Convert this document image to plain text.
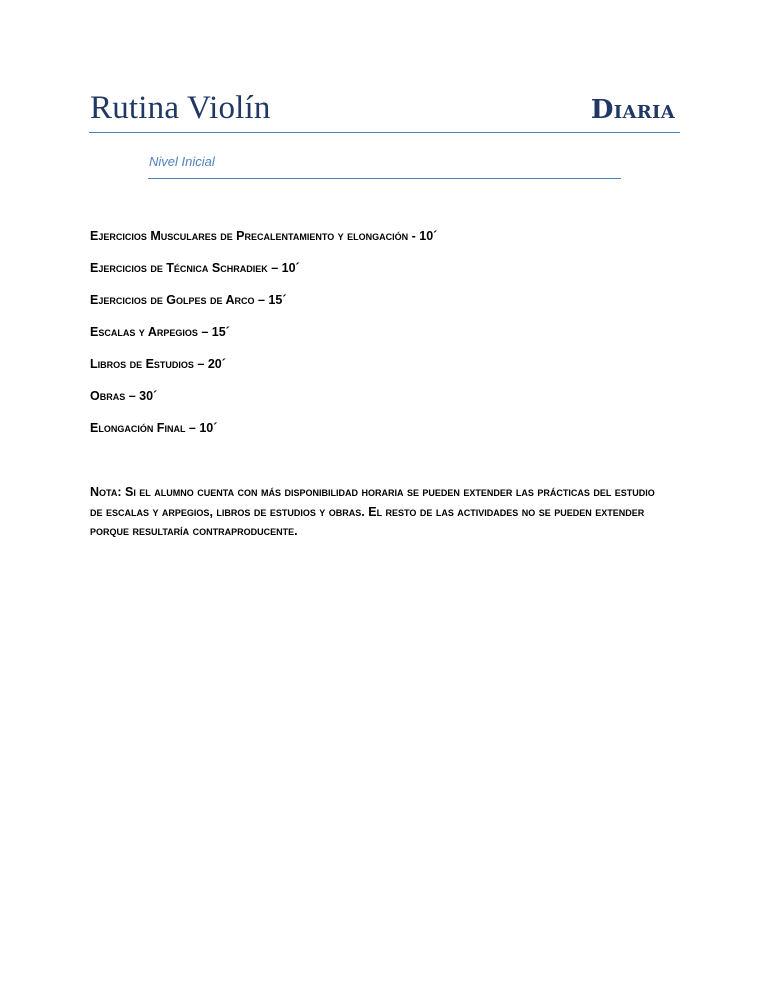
Rutina Violín	Diaria
Nivel Inicial
Ejercicios Musculares de Precalentamiento y elongación - 10´
Ejercicios de Técnica Schradiek – 10´
Ejercicios de Golpes de Arco – 15´
Escalas y Arpegios – 15´
Libros de Estudios – 20´
Obras – 30´
Elongación Final – 10´

Nota: Si el alumno cuenta con más disponibilidad horaria se pueden extender las prácticas del estudio de escalas y arpegios, libros de estudios y obras. El resto de las actividades no se pueden extender porque resultaría contraproducente.
